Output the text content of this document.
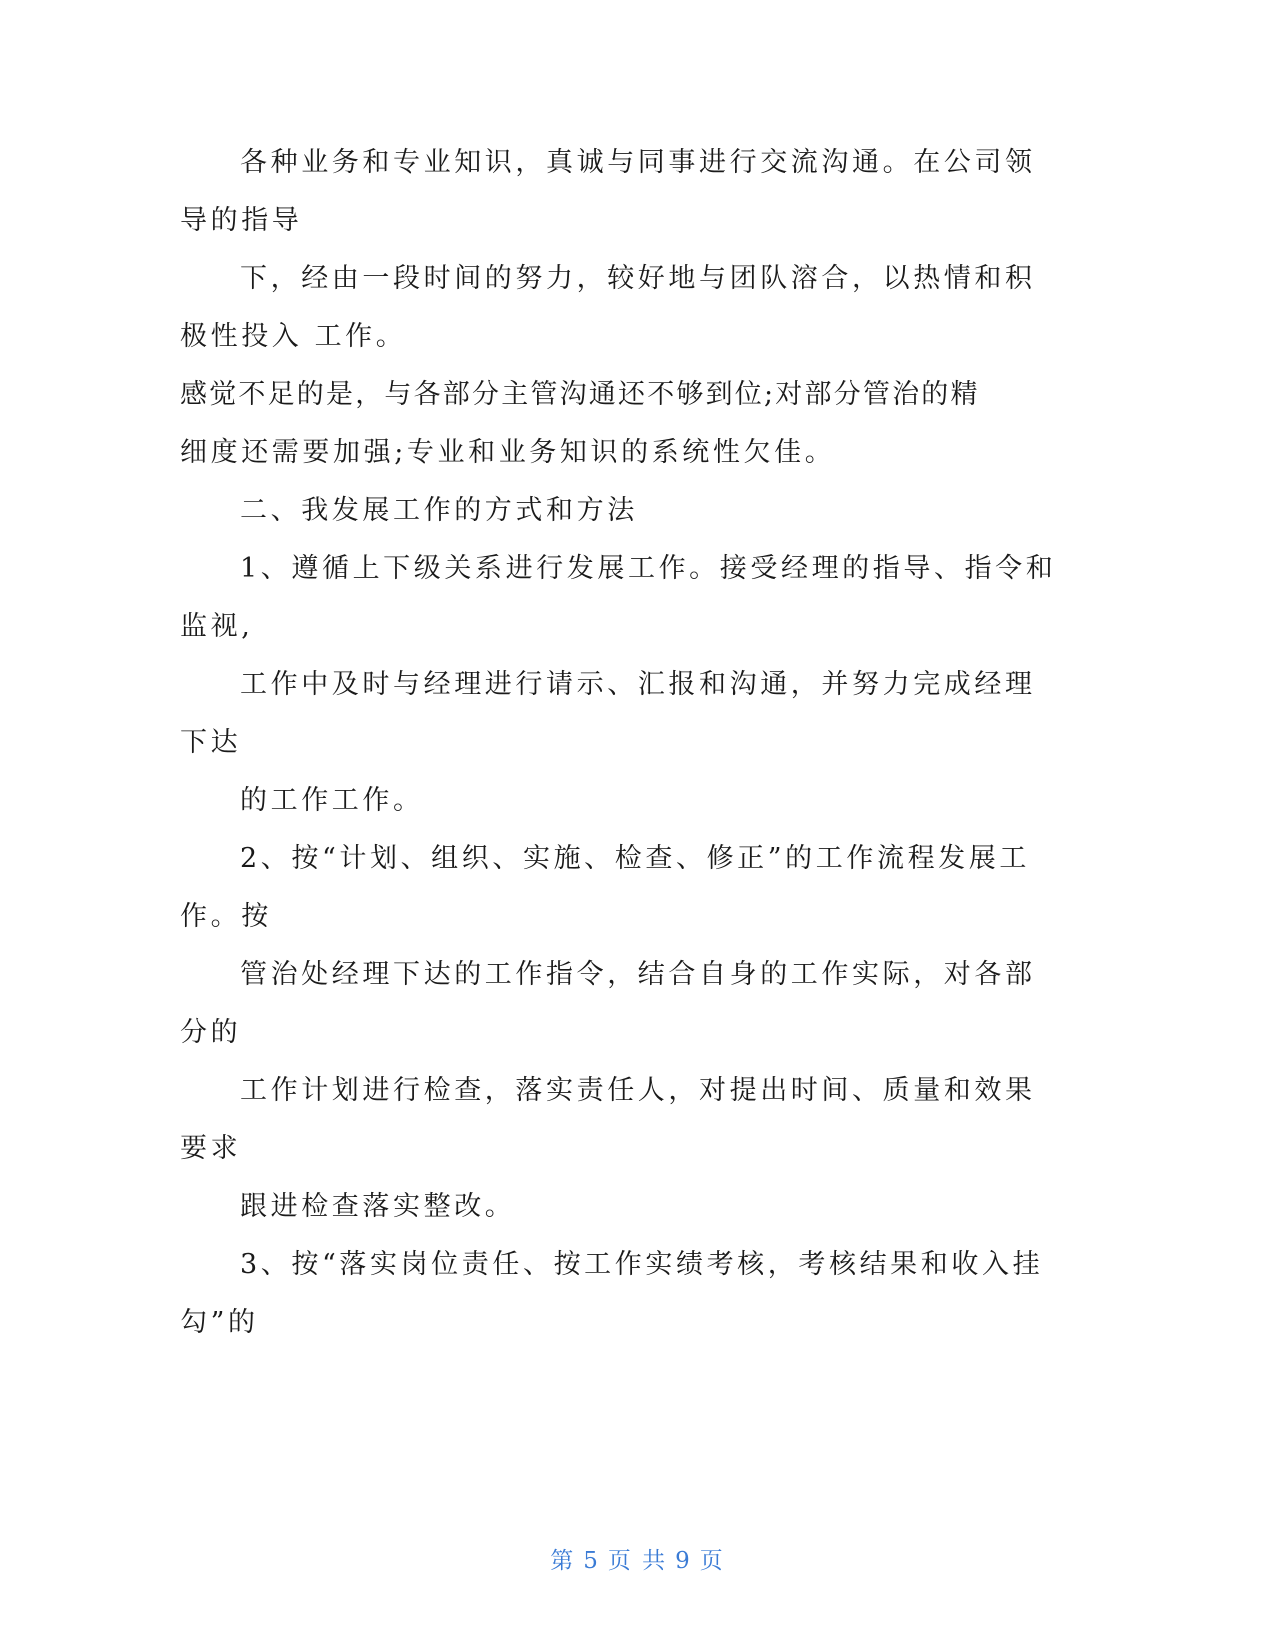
各种业务和专业知识，真诚与同事进行交流沟通。在公司领
导的指导
下，经由一段时间的努力，较好地与团队溶合，以热情和积
极性投入 工作。
感觉不足的是，与各部分主管沟通还不够到位;对部分管治的精
细度还需要加强;专业和业务知识的系统性欠佳。
二、我发展工作的方式和方法
1、遵循上下级关系进行发展工作。接受经理的指导、指令和
监视,
工作中及时与经理进行请示、汇报和沟通，并努力完成经理
下达
的工作工作。
2、按“计划、组织、实施、检查、修正”的工作流程发展工
作。按
管治处经理下达的工作指令，结合自身的工作实际，对各部
分的
工作计划进行检查，落实责任人，对提出时间、质量和效果
要求
跟进检查落实整改。
3、按“落实岗位责任、按工作实绩考核，考核结果和收入挂
勾”的
第 5 页 共 9 页
